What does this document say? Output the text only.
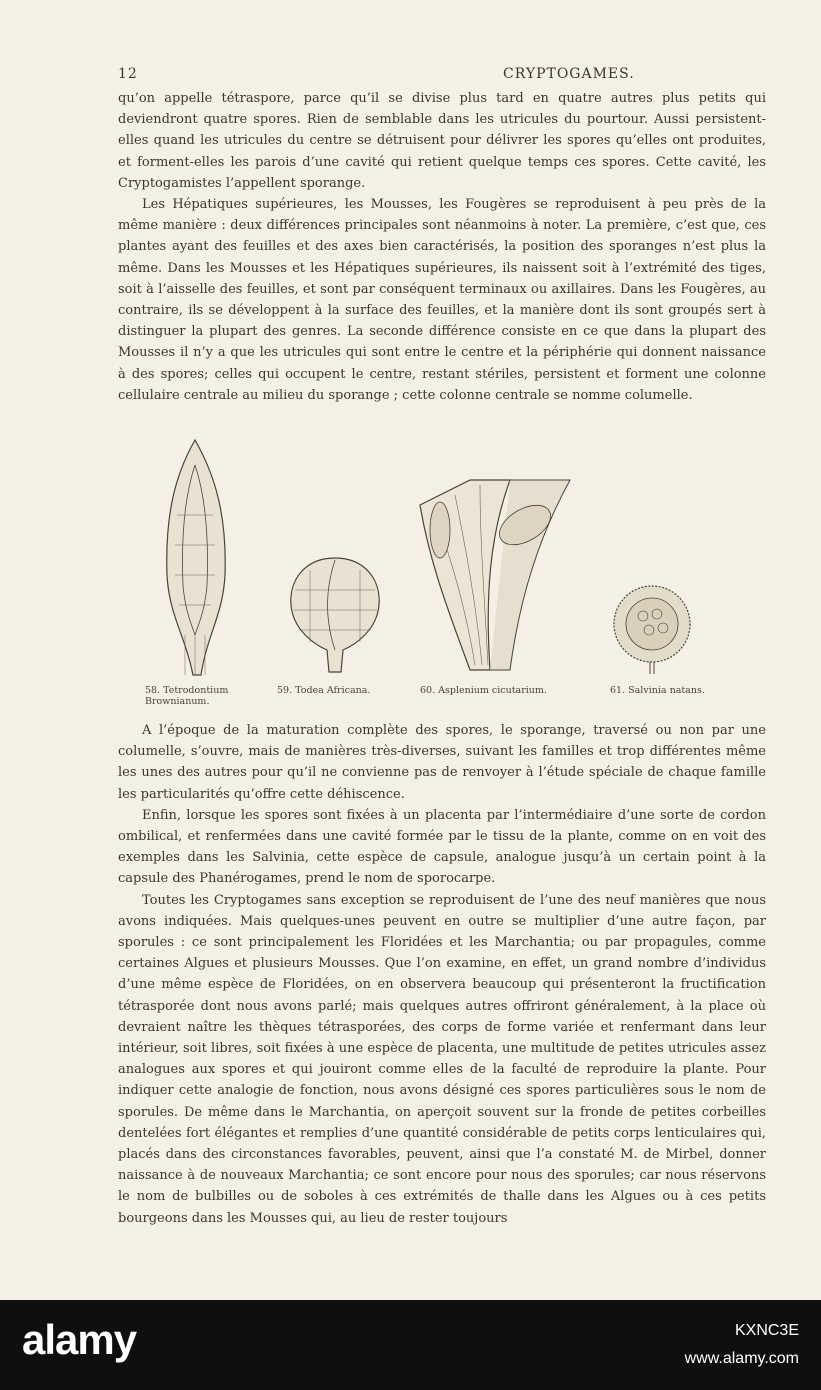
12	CRYPTOGAMES.

qu’on appelle tétraspore, parce qu’il se divise plus tard en quatre autres plus petits qui deviendront quatre spores. Rien de semblable dans les utricules du pourtour. Aussi persistent-elles quand les utricules du centre se détruisent pour délivrer les spores qu’elles ont produites, et forment-elles les parois d’une cavité qui retient quelque temps ces spores. Cette cavité, les Cryptogamistes l’appellent sporange.

Les Hépatiques supérieures, les Mousses, les Fougères se reproduisent à peu près de la même manière : deux différences principales sont néanmoins à noter. La première, c’est que, ces plantes ayant des feuilles et des axes bien caractérisés, la position des sporanges n’est plus la même. Dans les Mousses et les Hépatiques supérieures, ils naissent soit à l’extrémité des tiges, soit à l’aisselle des feuilles, et sont par conséquent terminaux ou axillaires. Dans les Fougères, au contraire, ils se développent à la surface des feuilles, et la manière dont ils sont groupés sert à distinguer la plupart des genres. La seconde différence consiste en ce que dans la plupart des Mousses il n’y a que les utricules qui sont entre le centre et la périphérie qui donnent naissance à des spores; celles qui occupent le centre, restant stériles, persistent et forment une colonne cellulaire centrale au milieu du sporange ; cette colonne centrale se nomme columelle.

58. Tetrodontium
Brownianum.
59. Todea Africana.	60. Asplenium cicutarium.	61. Salvinia natans.

A l’époque de la maturation complète des spores, le sporange, traversé ou non par une columelle, s’ouvre, mais de manières très-diverses, suivant les familles et trop différentes même les unes des autres pour qu’il ne convienne pas de renvoyer à l’étude spéciale de chaque famille les particularités qu’offre cette déhiscence.

Enfin, lorsque les spores sont fixées à un placenta par l’intermédiaire d’une sorte de cordon ombilical, et renfermées dans une cavité formée par le tissu de la plante, comme on en voit des exemples dans les Salvinia, cette espèce de capsule, analogue jusqu’à un certain point à la capsule des Phanérogames, prend le nom de sporocarpe.

Toutes les Cryptogames sans exception se reproduisent de l’une des neuf manières que nous avons indiquées. Mais quelques-unes peuvent en outre se multiplier d’une autre façon, par sporules : ce sont principalement les Floridées et les Marchantia; ou par propagules, comme certaines Algues et plusieurs Mousses. Que l’on examine, en effet, un grand nombre d’individus d’une même espèce de Floridées, on en observera beaucoup qui présenteront la fructification tétrasporée dont nous avons parlé; mais quelques autres offriront généralement, à la place où devraient naître les thèques tétrasporées, des corps de forme variée et renfermant dans leur intérieur, soit libres, soit fixées à une espèce de placenta, une multitude de petites utricules assez analogues aux spores et qui jouiront comme elles de la faculté de reproduire la plante. Pour indiquer cette analogie de fonction, nous avons désigné ces spores particulières sous le nom de sporules. De même dans le Marchantia, on aperçoit souvent sur la fronde de petites corbeilles dentelées fort élégantes et remplies d’une quantité considérable de petits corps lenticulaires qui, placés dans des circonstances favorables, peuvent, ainsi que l’a constaté M. de Mirbel, donner naissance à de nouveaux Marchantia; ce sont encore pour nous des sporules; car nous réservons le nom de bulbilles ou de soboles à ces extrémités de thalle dans les Algues ou à ces petits bourgeons dans les Mousses qui, au lieu de rester toujours

alamy	KXNC3E
www.alamy.com
